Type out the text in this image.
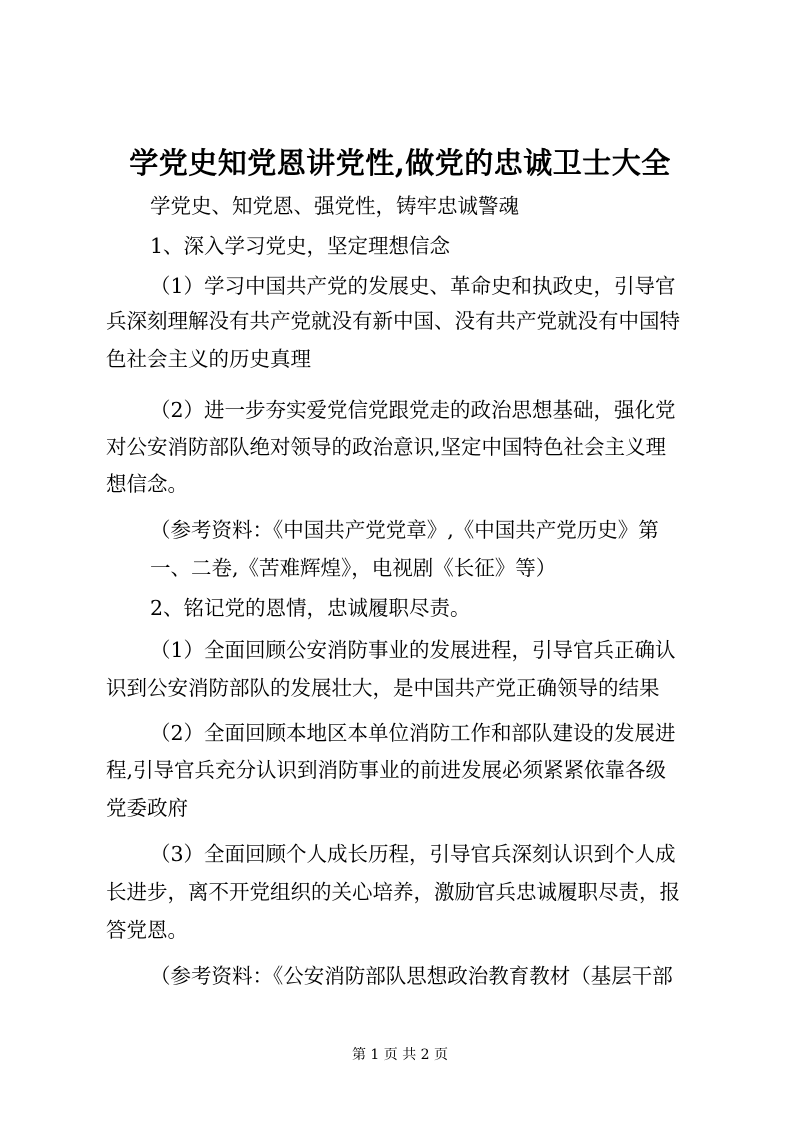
学党史知党恩讲党性,做党的忠诚卫士大全
学党史、知党恩、强党性，铸牢忠诚警魂
1、深入学习党史，坚定理想信念
（1）学习中国共产党的发展史、革命史和执政史，引导官
兵深刻理解没有共产党就没有新中国、没有共产党就没有中国特
色社会主义的历史真理
（2）进一步夯实爱党信党跟党走的政治思想基础，强化党
对公安消防部队绝对领导的政治意识,坚定中国特色社会主义理
想信念。
（参考资料：《中国共产党党章》,《中国共产党历史》第
一、二卷,《苦难辉煌》，电视剧《长征》等）
2、铭记党的恩情，忠诚履职尽责。
（1）全面回顾公安消防事业的发展进程，引导官兵正确认
识到公安消防部队的发展壮大，是中国共产党正确领导的结果
（2）全面回顾本地区本单位消防工作和部队建设的发展进
程,引导官兵充分认识到消防事业的前进发展必须紧紧依靠各级
党委政府
（3）全面回顾个人成长历程，引导官兵深刻认识到个人成
长进步，离不开党组织的关心培养，激励官兵忠诚履职尽责，报
答党恩。
（参考资料：《公安消防部队思想政治教育教材（基层干部
第 1 页 共 2 页
